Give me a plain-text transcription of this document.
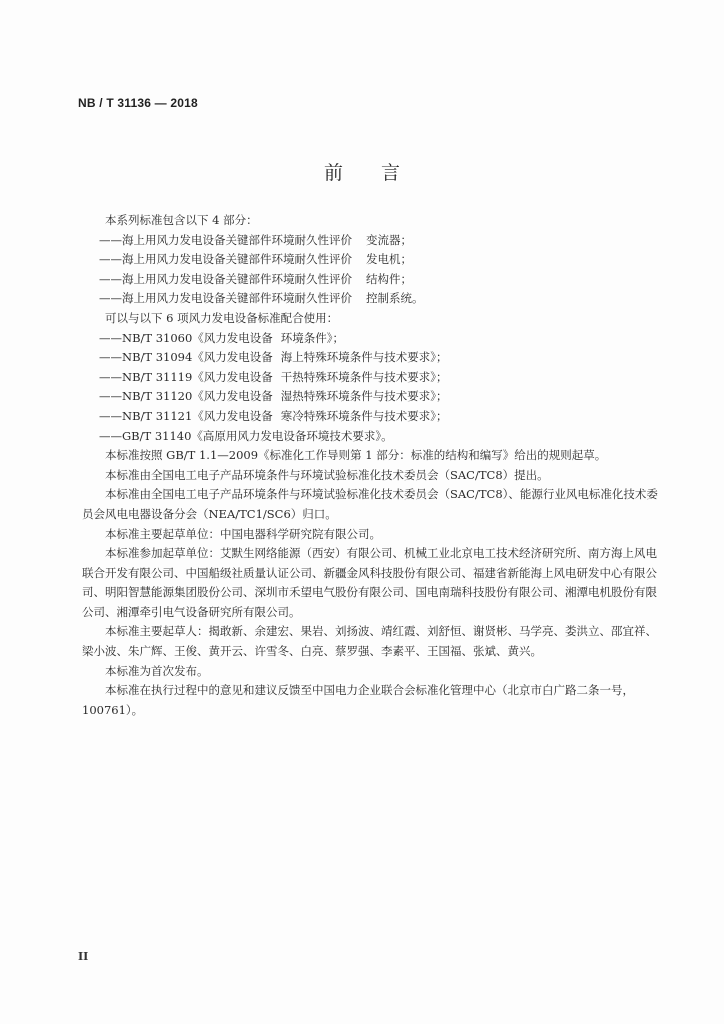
NB / T 31136 — 2018
前言

本系列标准包含以下 4 部分：

——海上用风力发电设备关键部件环境耐久性评价 变流器；

——海上用风力发电设备关键部件环境耐久性评价 发电机；

——海上用风力发电设备关键部件环境耐久性评价 结构件；

——海上用风力发电设备关键部件环境耐久性评价 控制系统。

可以与以下 6 项风力发电设备标准配合使用：

——NB/T 31060《风力发电设备 环境条件》；

——NB/T 31094《风力发电设备 海上特殊环境条件与技术要求》；

——NB/T 31119《风力发电设备 干热特殊环境条件与技术要求》；

——NB/T 31120《风力发电设备 湿热特殊环境条件与技术要求》；

——NB/T 31121《风力发电设备 寒冷特殊环境条件与技术要求》；

——GB/T 31140《高原用风力发电设备环境技术要求》。

本标准按照 GB/T 1.1—2009《标准化工作导则第 1 部分：标准的结构和编写》给出的规则起草。

本标准由全国电工电子产品环境条件与环境试验标准化技术委员会（SAC/TC8）提出。

本标准由全国电工电子产品环境条件与环境试验标准化技术委员会（SAC/TC8）、能源行业风电标准化技术委员会风电电器设备分会（NEA/TC1/SC6）归口。

本标准主要起草单位：中国电器科学研究院有限公司。

本标准参加起草单位：艾默生网络能源（西安）有限公司、机械工业北京电工技术经济研究所、南方海上风电联合开发有限公司、中国船级社质量认证公司、新疆金风科技股份有限公司、福建省新能海上风电研发中心有限公司、明阳智慧能源集团股份公司、深圳市禾望电气股份有限公司、国电南瑞科技股份有限公司、湘潭电机股份有限公司、湘潭牵引电气设备研究所有限公司。

本标准主要起草人：揭敢新、余建宏、果岩、刘扬波、靖红霞、刘舒恒、谢贤彬、马学亮、娄洪立、邵宜祥、梁小波、朱广辉、王俊、黄开云、许雪冬、白亮、蔡罗强、李素平、王国福、张斌、黄兴。

本标准为首次发布。

本标准在执行过程中的意见和建议反馈至中国电力企业联合会标准化管理中心（北京市白广路二条一号，100761）。

II
